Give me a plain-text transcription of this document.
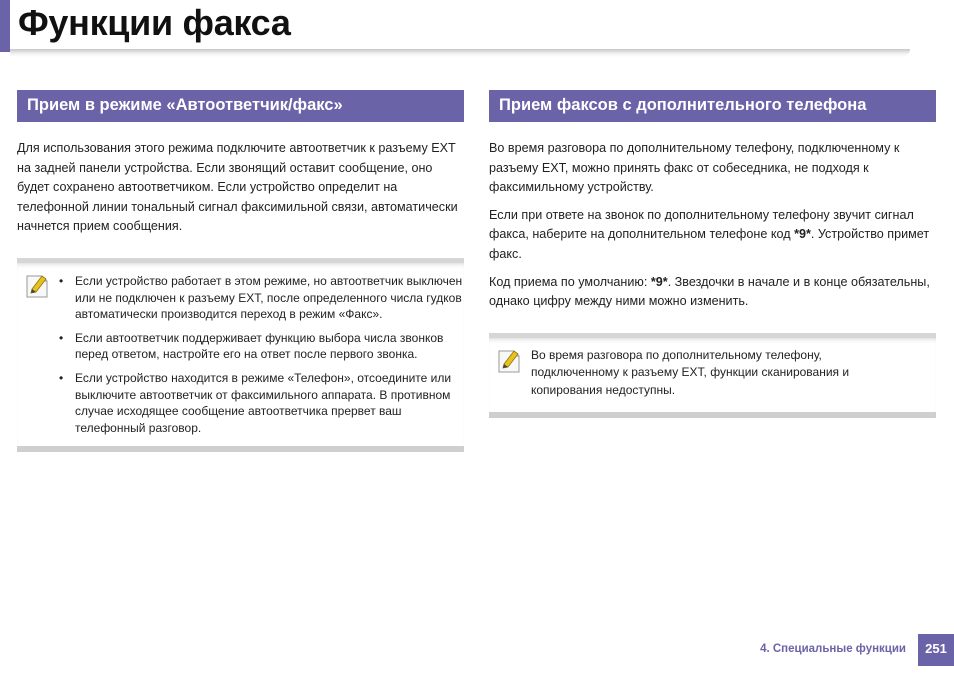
Функции факса
Прием в режиме «Автоответчик/факс»

Для использования этого режима подключите автоответчик к разъему EXT на задней панели устройства. Если звонящий оставит сообщение, оно будет сохранено автоответчиком. Если устройство определит на телефонной линии тональный сигнал факсимильной связи, автоматически начнется прием сообщения.

• Если устройство работает в этом режиме, но автоответчик выключен или не подключен к разъему EXT, после определенного числа гудков автоматически производится переход в режим «Факс».
• Если автоответчик поддерживает функцию выбора числа звонков перед ответом, настройте его на ответ после первого звонка.
• Если устройство находится в режиме «Телефон», отсоедините или выключите автоответчик от факсимильного аппарата. В противном случае исходящее сообщение автоответчика прервет ваш телефонный разговор.
Прием факсов с дополнительного телефона

Во время разговора по дополнительному телефону, подключенному к разъему EXT, можно принять факс от собеседника, не подходя к факсимильному устройству.

Если при ответе на звонок по дополнительному телефону звучит сигнал факса, наберите на дополнительном телефоне код *9*. Устройство примет факс.

Код приема по умолчанию: *9*. Звездочки в начале и в конце обязательны, однако цифру между ними можно изменить.

Во время разговора по дополнительному телефону, подключенному к разъему EXT, функции сканирования и копирования недоступны.

4. Специальные функции	251
